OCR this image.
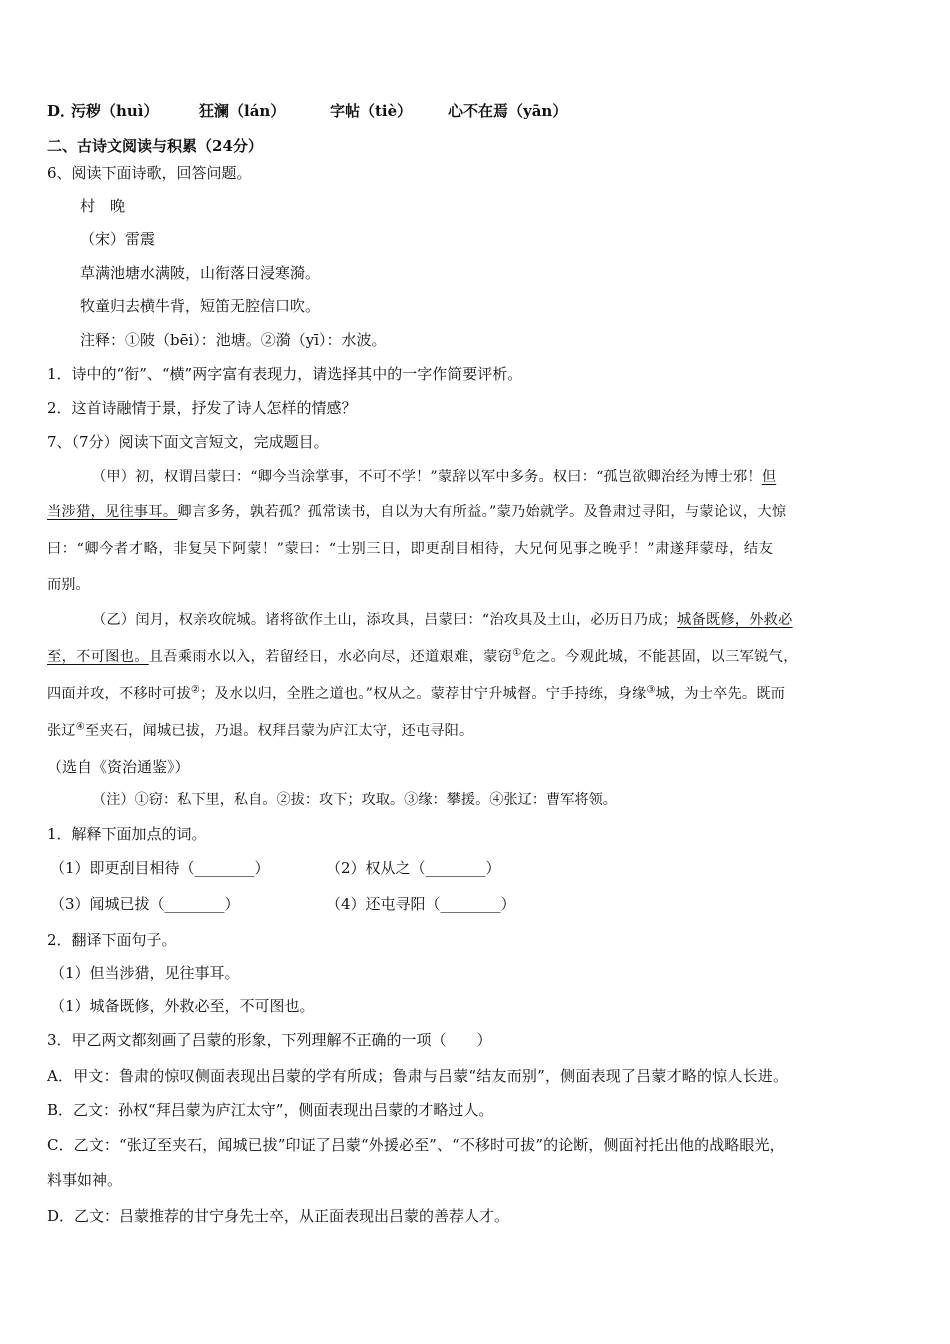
D．
污秽（huì）	狂澜（lán）	字帖（tiè） 心不在焉（yān）
二、古诗文阅读与积累（24分）
6、阅读下面诗歌，回答问题。
村　晚
（宋）雷震
草满池塘水满陂，山衔落日浸寒漪。
牧童归去横牛背，短笛无腔信口吹。
注释：①陂（bēi）：池塘。②漪（yī）：水波。
1．诗中的“衔”、“横”两字富有表现力，请选择其中的一字作简要评析。
2．这首诗融情于景，抒发了诗人怎样的情感？
7、（7分）阅读下面文言短文，完成题目。
（甲）初，权谓吕蒙曰：“卿今当涂掌事，不可不学！”蒙辞以军中多务。权曰：“孤岂欲卿治经为博士邪！但
当涉猎，见往事耳。卿言多务，孰若孤？孤常读书，自以为大有所益。”蒙乃始就学。及鲁肃过寻阳，与蒙论议，大惊
曰：“卿今者才略，非复吴下阿蒙！”蒙曰：“士别三日，即更刮目相待，大兄何见事之晚乎！”肃遂拜蒙母，结友
而别。
（乙）闰月，权亲攻皖城。诸将欲作土山，添攻具，吕蒙曰：“治攻具及土山，必历日乃成；城备既修，外救必
至，不可图也。且吾乘雨水以入，若留经日，水必向尽，还道艰难，蒙窃①危之。今观此城，不能甚固，以三军锐气，
四面并攻，不移时可拔②；及水以归，全胜之道也。”权从之。蒙荐甘宁升城督。宁手持练，身缘③城，为士卒先。既而
张辽④至夹石，闻城已拔，乃退。权拜吕蒙为庐江太守，还屯寻阳。
（选自《资治通鉴》）
（注）①窃：私下里，私自。②拔：攻下；攻取。③缘：攀援。④张辽：曹军将领。
1．解释下面加点的词。
（1）即更刮目相待（________）	（2）权从之（________）
（3）闻城已拔（________）	（4）还屯寻阳（________）
2．翻译下面句子。
（1）但当涉猎，见往事耳。
（1）城备既修，外救必至，不可图也。
3．甲乙两文都刻画了吕蒙的形象，下列理解不正确的一项（　　）
A．甲文：鲁肃的惊叹侧面表现出吕蒙的学有所成；鲁肃与吕蒙“结友而别”，侧面表现了吕蒙才略的惊人长进。
B．乙文：孙权“拜吕蒙为庐江太守”，侧面表现出吕蒙的才略过人。
C．乙文：“张辽至夹石，闻城已拔”印证了吕蒙“外援必至”、“不移时可拔”的论断，侧面衬托出他的战略眼光，
料事如神。
D．乙文：吕蒙推荐的甘宁身先士卒，从正面表现出吕蒙的善荐人才。
